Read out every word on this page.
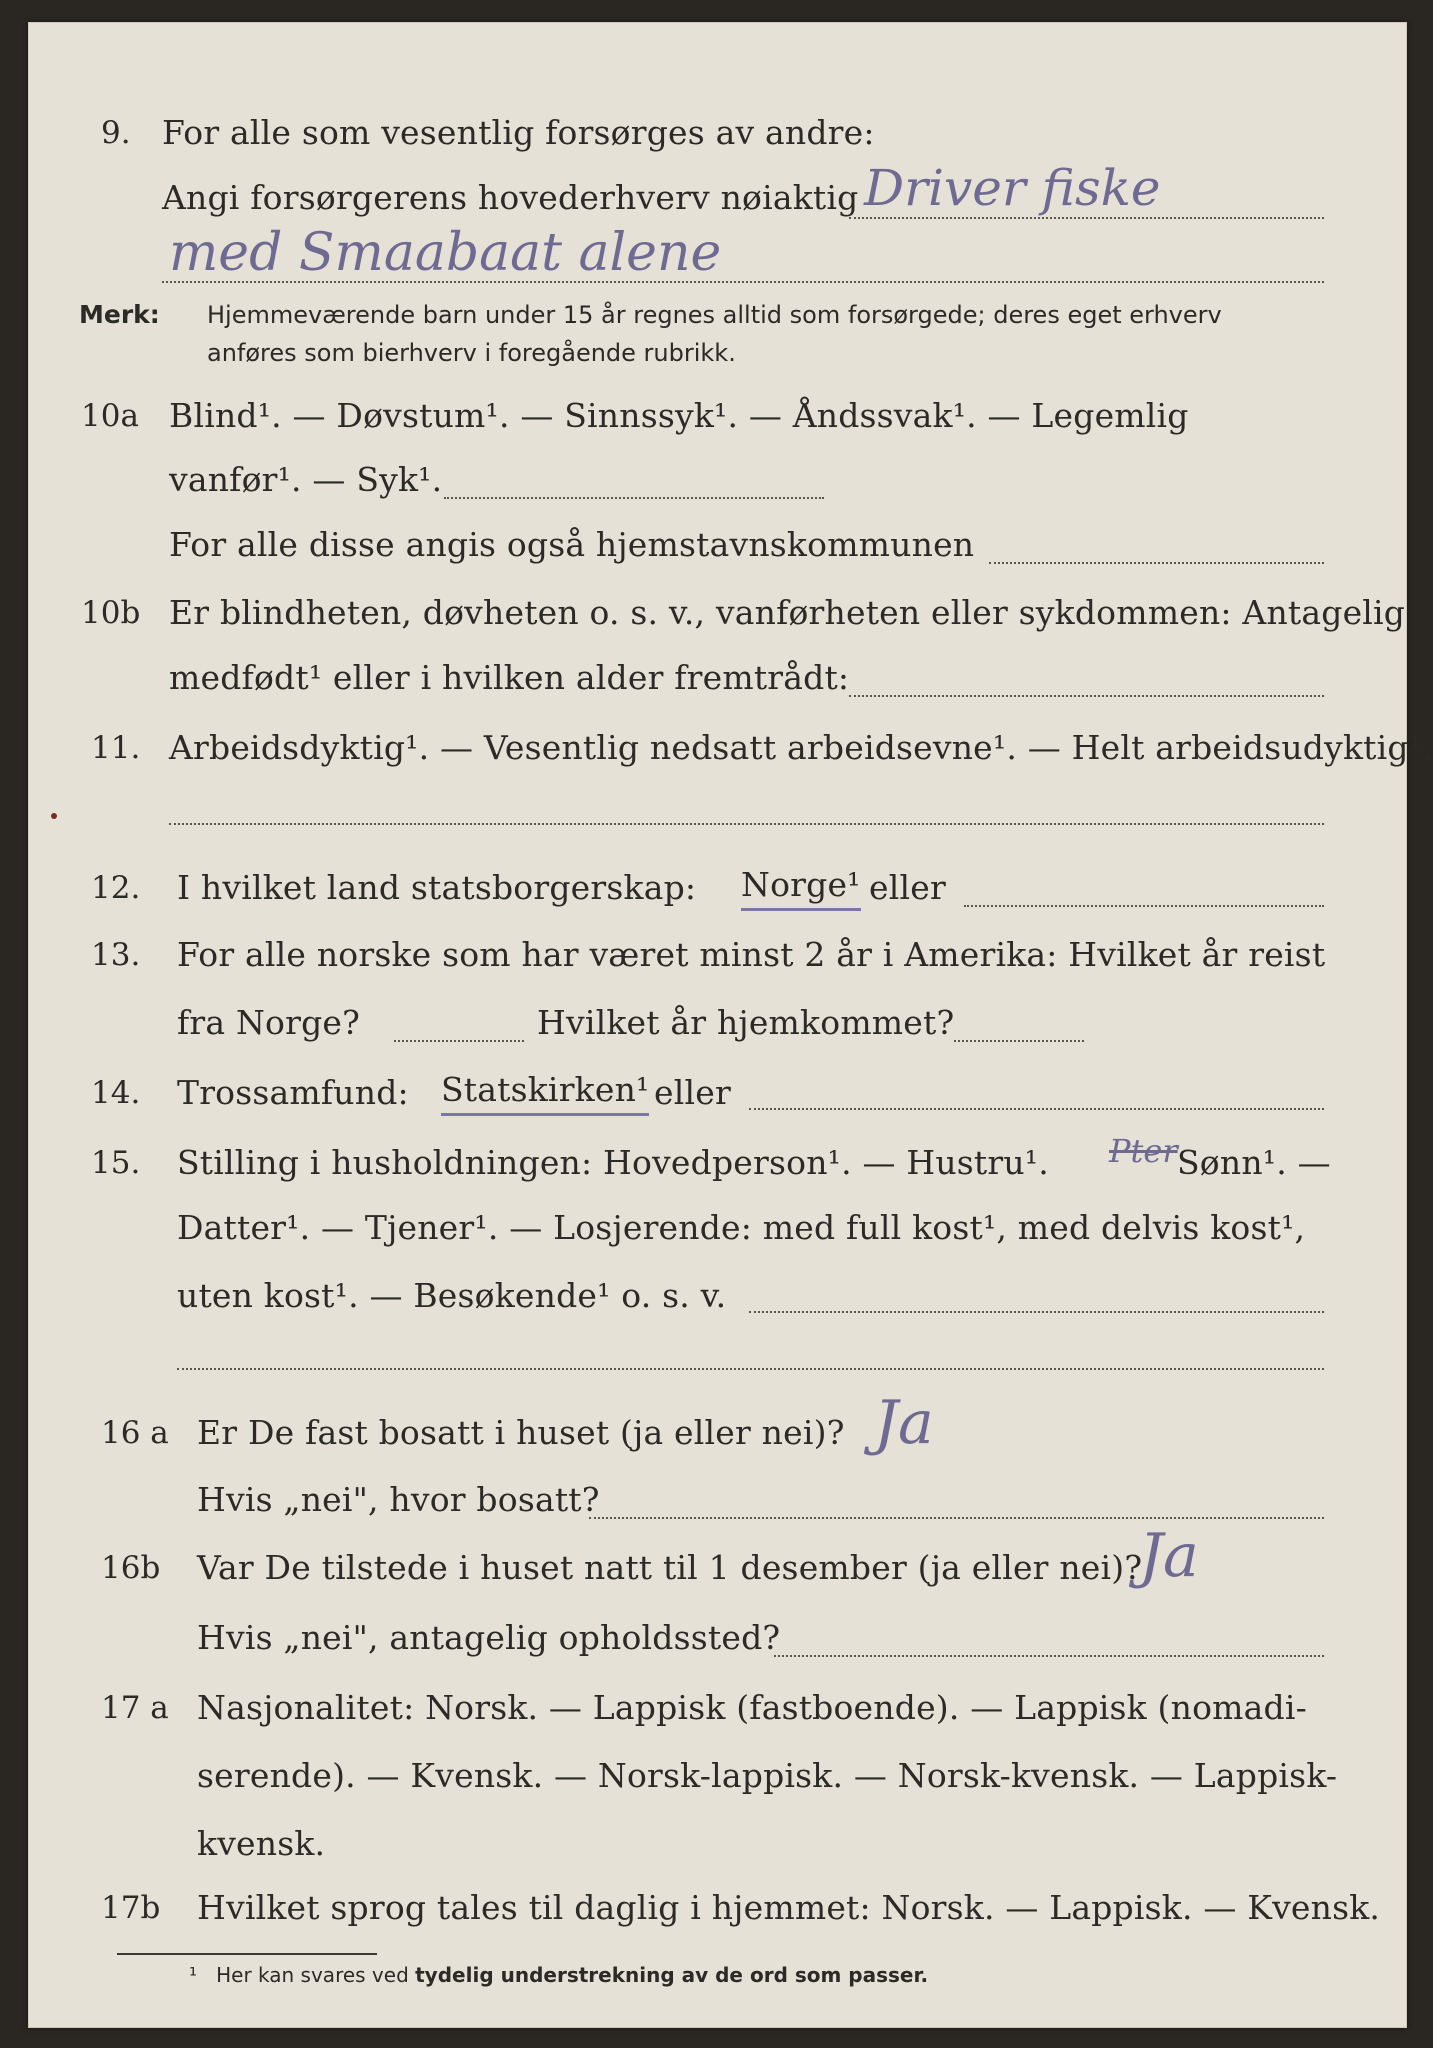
9. For alle som vesentlig forsørges av andre:
Angi forsørgerens hovederhverv nøiaktig Driver fiske
med Smaabaat alene
Merk: Hjemmeværende barn under 15 år regnes alltid som forsørgede; deres eget erhverv
anføres som bierhverv i foregående rubrikk.
10a Blind¹. — Døvstum¹. — Sinnssyk¹. — Åndssvak¹. — Legemlig
vanfør¹. — Syk¹.
For alle disse angis også hjemstavnskommunen
10b Er blindheten, døvheten o. s. v., vanførheten eller sykdommen: Antagelig
medfødt¹ eller i hvilken alder fremtrådt:
11. Arbeidsdyktig¹. — Vesentlig nedsatt arbeidsevne¹. — Helt arbeidsudyktig¹.
12. I hvilket land statsborgerskap: Norge¹ eller
13. For alle norske som har været minst 2 år i Amerika: Hvilket år reist
fra Norge?	Hvilket år hjemkommet?
14. Trossamfund: Statskirken¹ eller
15. Stilling i husholdningen: Hovedperson¹. — Hustru¹. Pter Sønn¹. —
Datter¹. — Tjener¹. — Losjerende: med full kost¹, med delvis kost¹,
uten kost¹. — Besøkende¹ o. s. v.
16 a Er De fast bosatt i huset (ja eller nei)? Ja
Hvis „nei", hvor bosatt?
16b Var De tilstede i huset natt til 1 desember (ja eller nei)?
Ja
Hvis „nei", antagelig opholdssted?
17 a Nasjonalitet: Norsk. — Lappisk (fastboende). — Lappisk (nomadi-
serende). — Kvensk. — Norsk-lappisk. — Norsk-kvensk. — Lappisk-
kvensk.
17b Hvilket sprog tales til daglig i hjemmet: Norsk. — Lappisk. — Kvensk.
¹ Her kan svares ved tydelig understrekning av de ord som passer.
